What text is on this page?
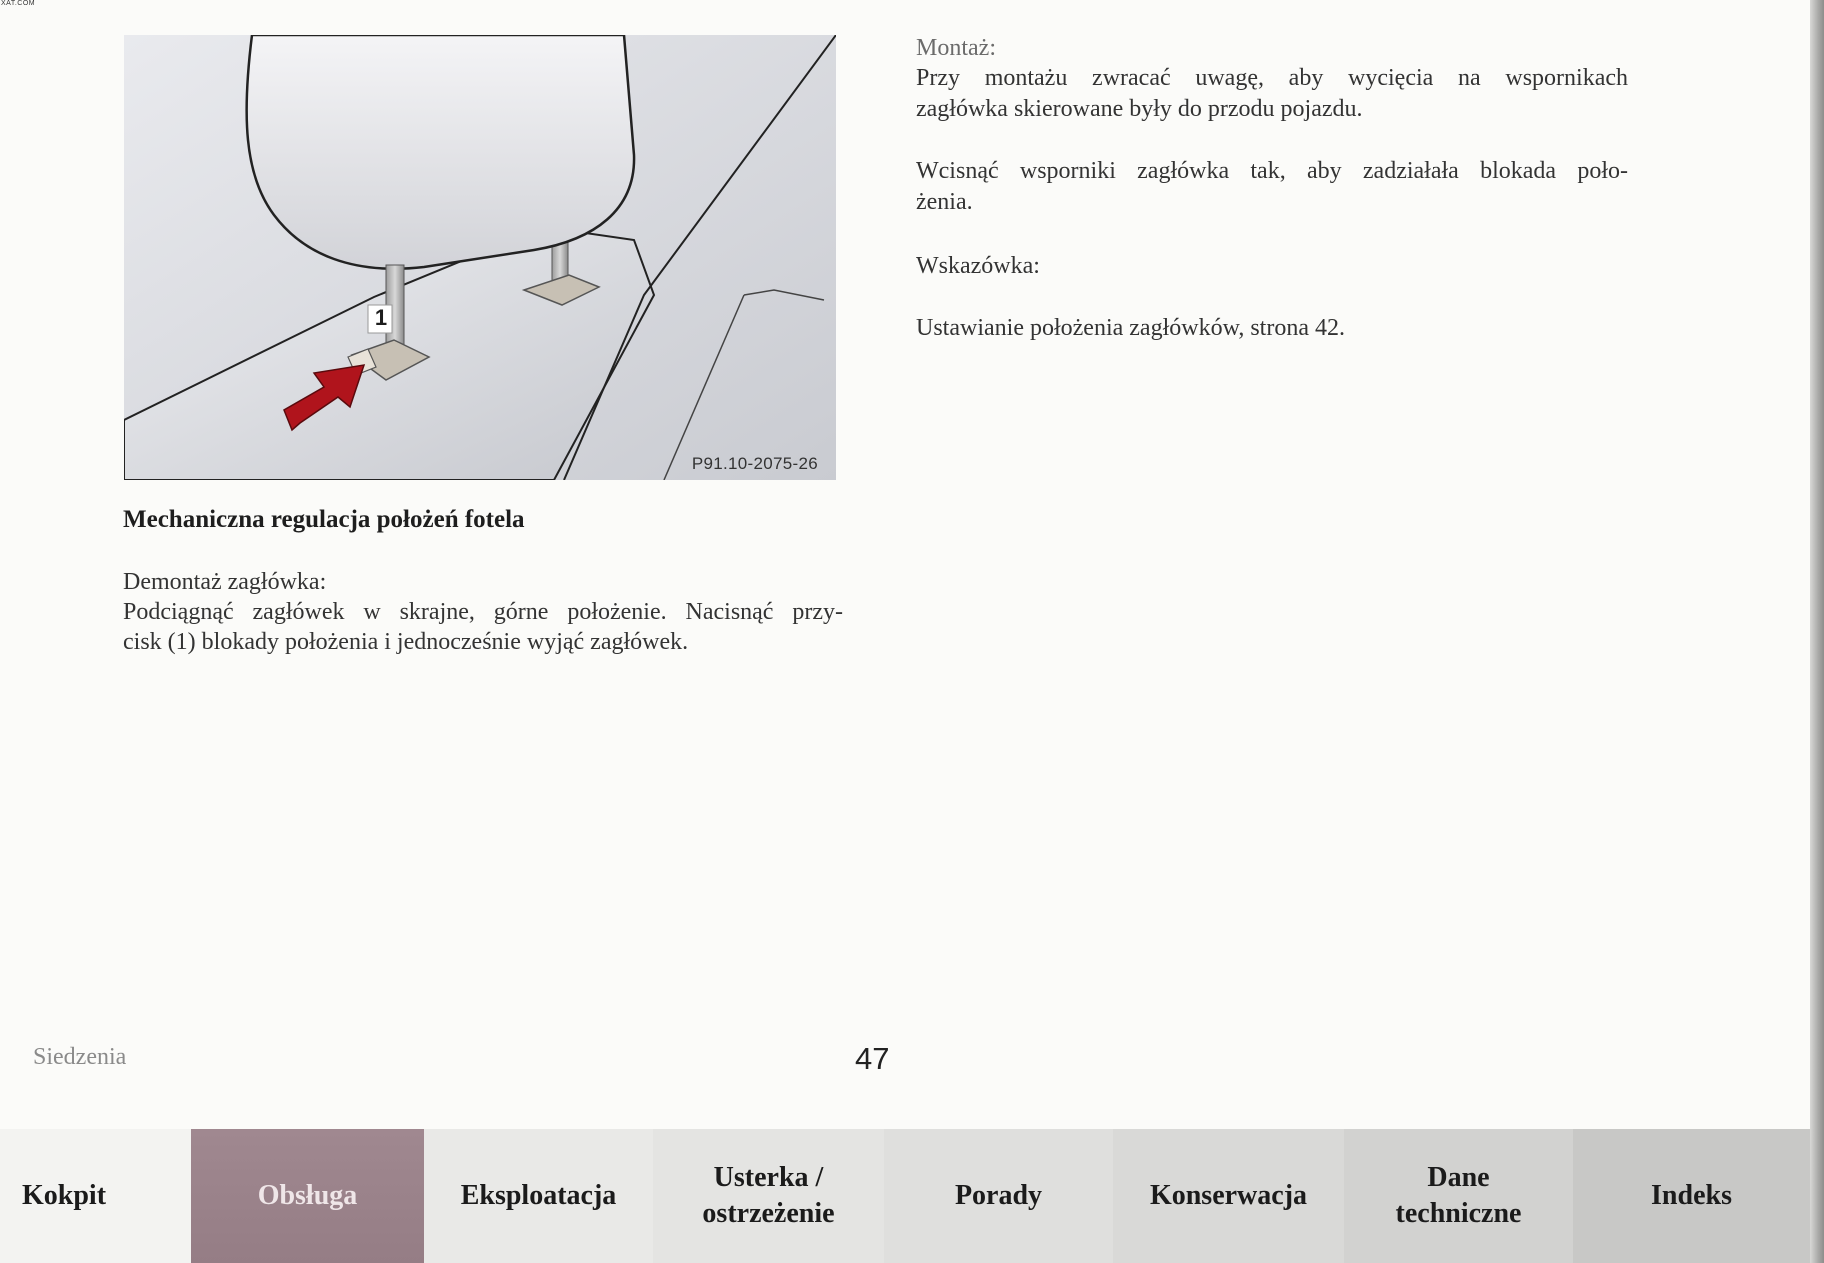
XAT.COM
1
P91.10-2075-26
Mechaniczna regulacja położeń fotela
Demontaż zagłówka:
Podciągnąć zagłówek w skrajne, górne położenie. Nacisnąć przy-
cisk (1) blokady położenia i jednocześnie wyjąć zagłówek.
Montaż:
Przy montażu zwracać uwagę, aby wycięcia na wspornikach
zagłówka skierowane były do przodu pojazdu.
Wcisnąć wsporniki zagłówka tak, aby zadziałała blokada poło-
żenia.
Wskazówka:
Ustawianie położenia zagłówków, strona 42.
Siedzenia	47
Kokpit	Obsługa	Eksploatacja
Usterka /
ostrzeżenie
Porady	Konserwacja
Dane
techniczne
Indeks
